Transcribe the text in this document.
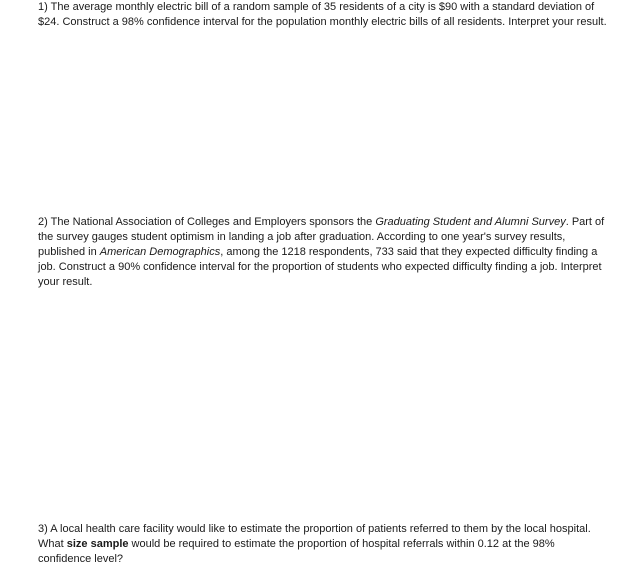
1) The average monthly electric bill of a random sample of 35 residents of a city is $90 with a standard deviation of $24. Construct a 98% confidence interval for the population monthly electric bills of all residents. Interpret your result.

2) The National Association of Colleges and Employers sponsors the Graduating Student and Alumni Survey. Part of the survey gauges student optimism in landing a job after graduation. According to one year's survey results, published in American Demographics, among the 1218 respondents, 733 said that they expected difficulty finding a job. Construct a 90% confidence interval for the proportion of students who expected difficulty finding a job. Interpret your result.

3) A local health care facility would like to estimate the proportion of patients referred to them by the local hospital. What size sample would be required to estimate the proportion of hospital referrals within 0.12 at the 98% confidence level?
